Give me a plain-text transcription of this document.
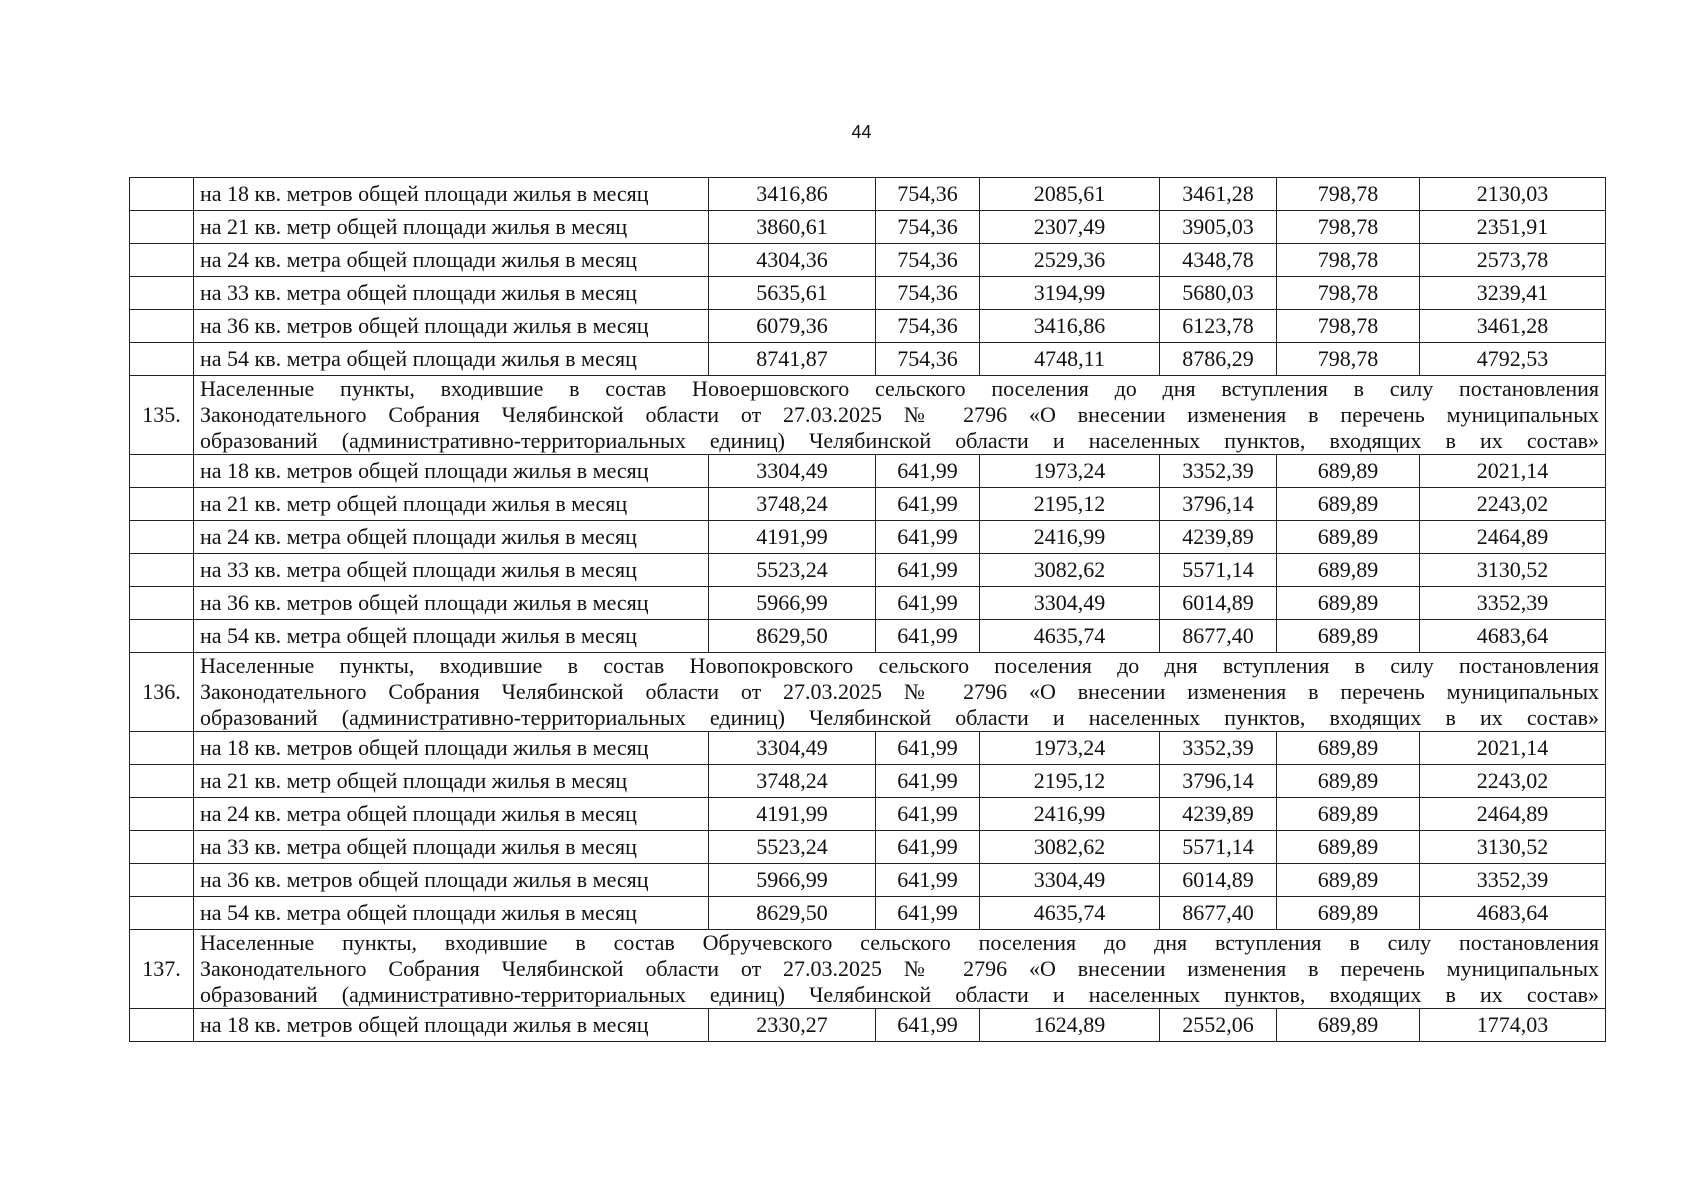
44
	на 18 кв. метров общей площади жилья в месяц	3416,86	754,36	2085,61	3461,28	798,78	2130,03
	на 21 кв. метр общей площади жилья в месяц	3860,61	754,36	2307,49	3905,03	798,78	2351,91
	на 24 кв. метра общей площади жилья в месяц	4304,36	754,36	2529,36	4348,78	798,78	2573,78
	на 33 кв. метра общей площади жилья в месяц	5635,61	754,36	3194,99	5680,03	798,78	3239,41
	на 36 кв. метров общей площади жилья в месяц	6079,36	754,36	3416,86	6123,78	798,78	3461,28
	на 54 кв. метра общей площади жилья в месяц	8741,87	754,36	4748,11	8786,29	798,78	4792,53
135.	Населенные пункты, входившие в состав Новоершовского сельского поселения до дня вступления в силу постановления
Законодательного Собрания Челябинской области от 27.03.2025 № 2796 «О внесении изменения в перечень муниципальных
образований (административно-территориальных единиц) Челябинской области и населенных пунктов, входящих в их состав»						

	на 18 кв. метров общей площади жилья в месяц	3304,49	641,99	1973,24	3352,39	689,89	2021,14
	на 21 кв. метр общей площади жилья в месяц	3748,24	641,99	2195,12	3796,14	689,89	2243,02
	на 24 кв. метра общей площади жилья в месяц	4191,99	641,99	2416,99	4239,89	689,89	2464,89
	на 33 кв. метра общей площади жилья в месяц	5523,24	641,99	3082,62	5571,14	689,89	3130,52
	на 36 кв. метров общей площади жилья в месяц	5966,99	641,99	3304,49	6014,89	689,89	3352,39
	на 54 кв. метра общей площади жилья в месяц	8629,50	641,99	4635,74	8677,40	689,89	4683,64
136.	Населенные пункты, входившие в состав Новопокровского сельского поселения до дня вступления в силу постановления
Законодательного Собрания Челябинской области от 27.03.2025 № 2796 «О внесении изменения в перечень муниципальных
образований (административно-территориальных единиц) Челябинской области и населенных пунктов, входящих в их состав»						

	на 18 кв. метров общей площади жилья в месяц	3304,49	641,99	1973,24	3352,39	689,89	2021,14
	на 21 кв. метр общей площади жилья в месяц	3748,24	641,99	2195,12	3796,14	689,89	2243,02
	на 24 кв. метра общей площади жилья в месяц	4191,99	641,99	2416,99	4239,89	689,89	2464,89
	на 33 кв. метра общей площади жилья в месяц	5523,24	641,99	3082,62	5571,14	689,89	3130,52
	на 36 кв. метров общей площади жилья в месяц	5966,99	641,99	3304,49	6014,89	689,89	3352,39
	на 54 кв. метра общей площади жилья в месяц	8629,50	641,99	4635,74	8677,40	689,89	4683,64
137.	Населенные пункты, входившие в состав Обручевского сельского поселения до дня вступления в силу постановления
Законодательного Собрания Челябинской области от 27.03.2025 № 2796 «О внесении изменения в перечень муниципальных
образований (административно-территориальных единиц) Челябинской области и населенных пунктов, входящих в их состав»						

	на 18 кв. метров общей площади жилья в месяц	2330,27	641,99	1624,89	2552,06	689,89	1774,03
